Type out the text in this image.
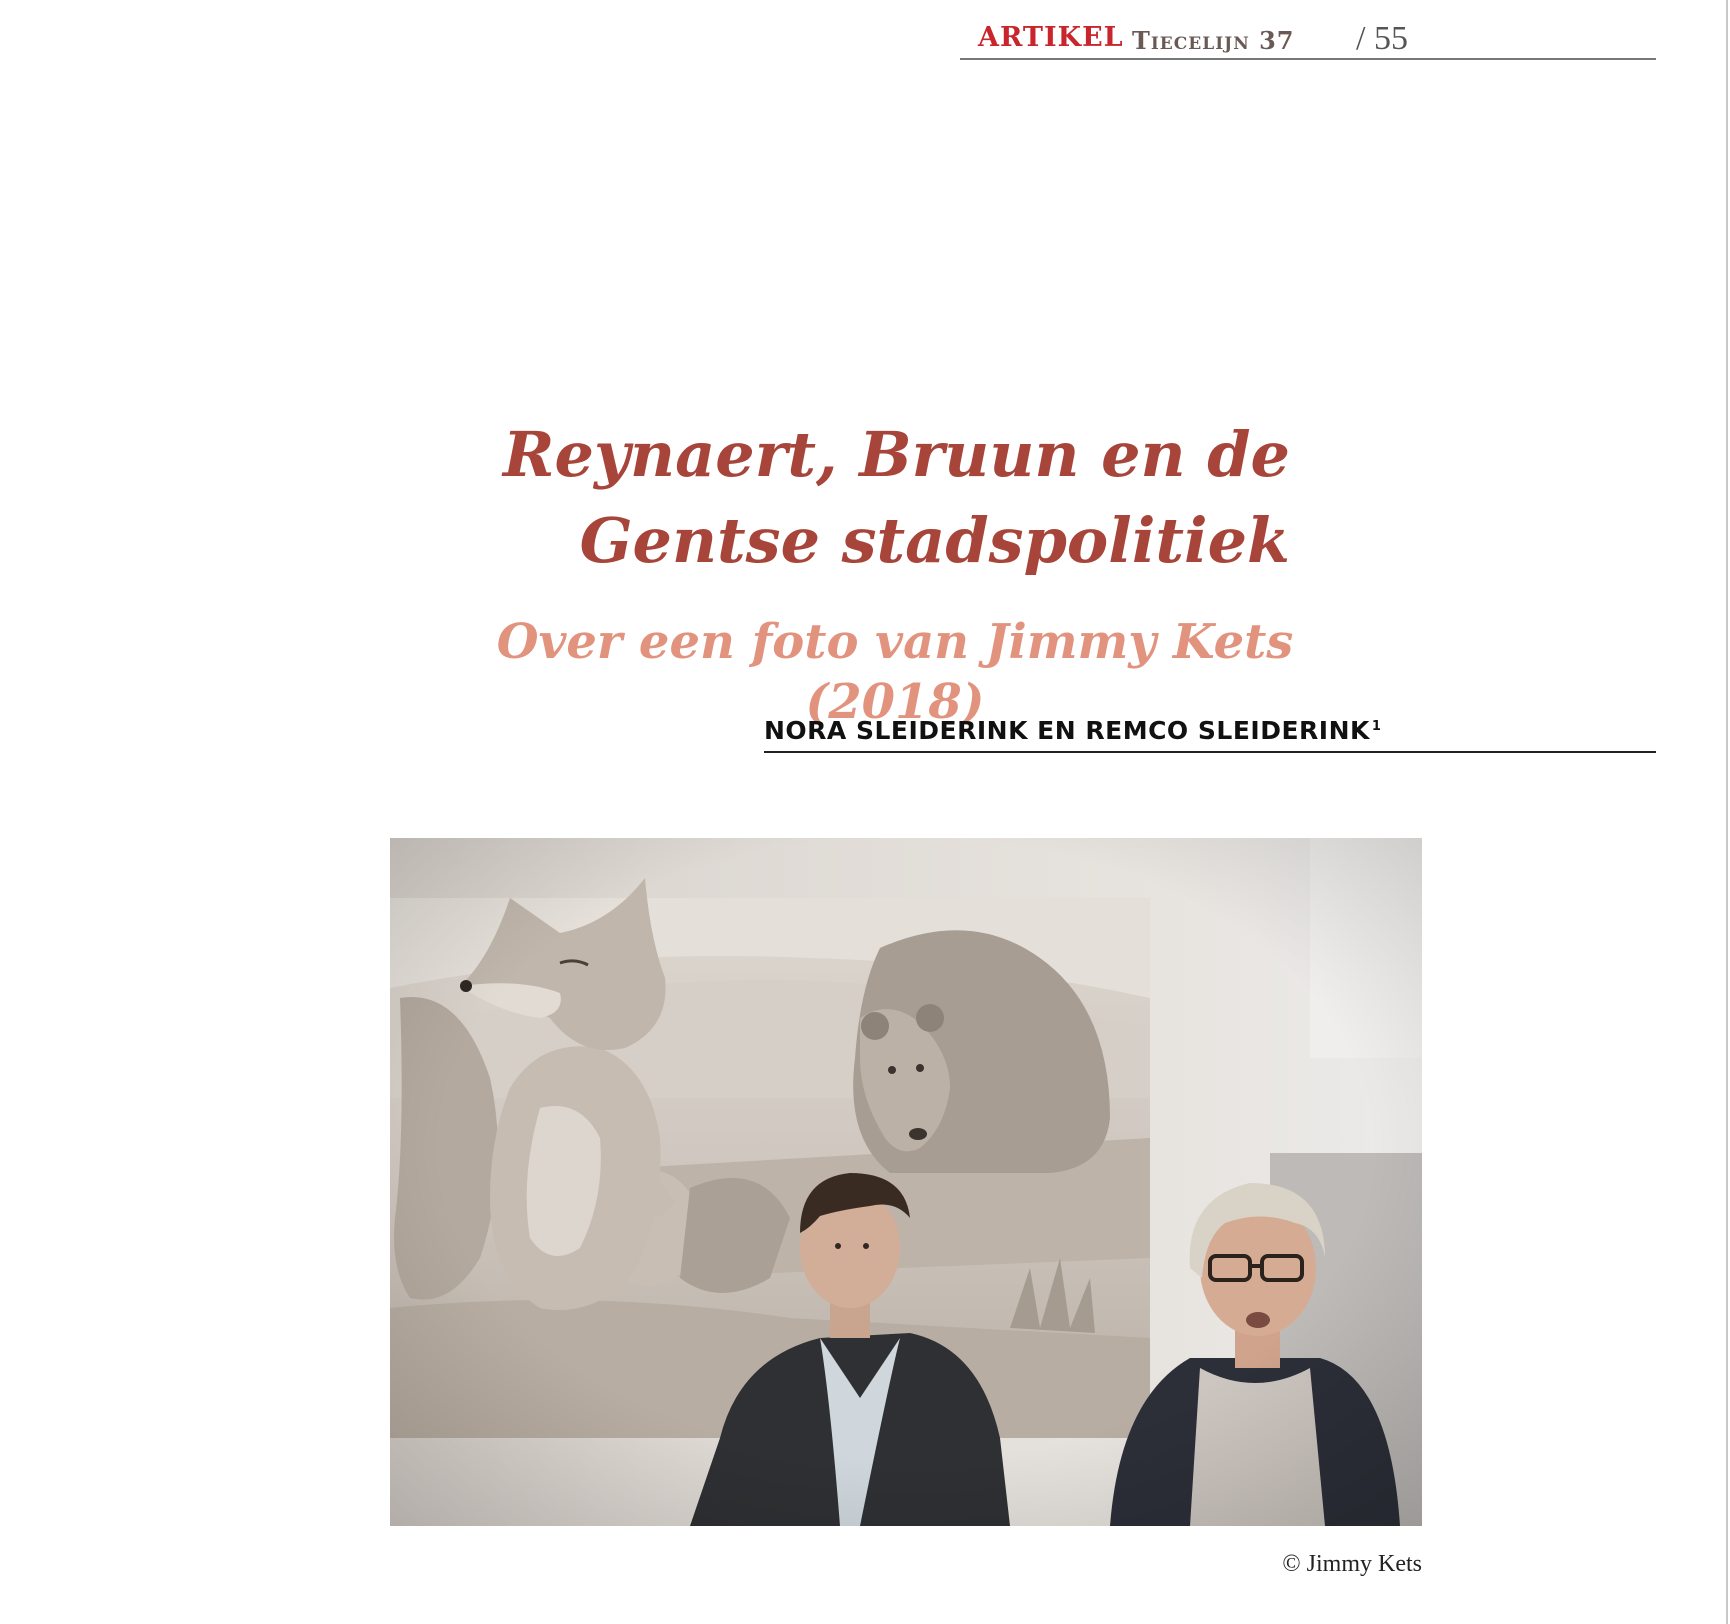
ARTIKEL Tiecelijn 37 / 55
Reynaert, Bruun en de
Gentse stadspolitiek
Over een foto van Jimmy Kets (2018)
NORA SLEIDERINK EN REMCO SLEIDERINK $^1$
© Jimmy Kets
